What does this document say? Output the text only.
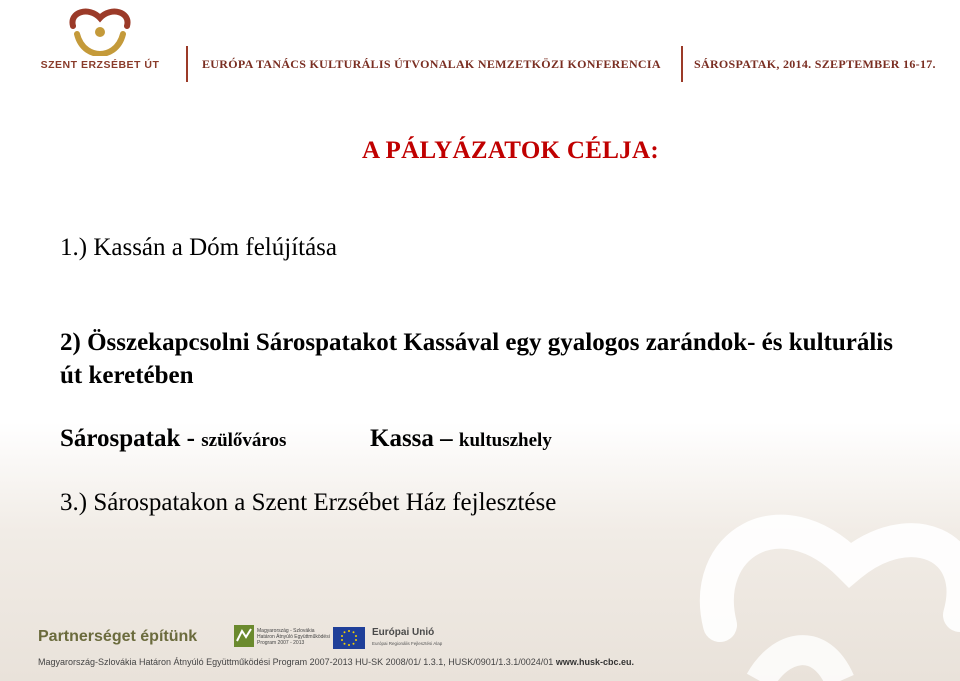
SZENT ERZSÉBET ÚT	EURÓPA TANÁCS KULTURÁLIS ÚTVONALAK NEMZETKÖZI KONFERENCIA	SÁROSPATAK, 2014. SZEPTEMBER 16-17.
A PÁLYÁZATOK CÉLJA:
1.) Kassán a Dóm felújítása
2) Összekapcsolni Sárospatakot Kassával egy gyalogos zarándok- és kulturális
út keretében
Sárospatak - szülőváros	Kassa – kultuszhely
3.) Sárospatakon a Szent Erzsébet Ház fejlesztése
Partnerséget építünk	Magyarország - Szlovákia
Határon Átnyúló Együttműködési
Program 2007 - 2013
Európai Unió
Európai Regionális Fejlesztési Alap
Magyarország-Szlovákia Határon Átnyúló Együttműködési Program 2007-2013 HU-SK 2008/01/ 1.3.1, HUSK/0901/1.3.1/0024/01 www.husk-cbc.eu.
